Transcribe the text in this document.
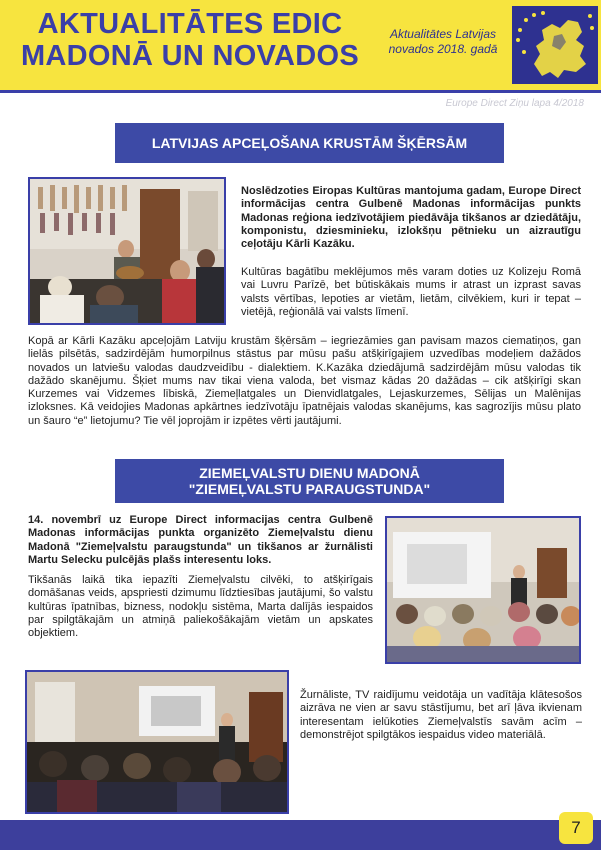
AKTUALITĀTES EDIC
MADONĀ UN NOVADOS
Aktualitātes Latvijas
novados 2018. gadā
Europe Direct Ziņu lapa 4/2018
LATVIJAS APCEĻOŠANA KRUSTĀM ŠĶĒRSĀM
Noslēdzoties Eiropas Kultūras mantojuma gadam, Europe Direct informācijas centra Gulbenē Madonas informācijas punkts Madonas reģiona iedzīvotājiem piedāvāja tikšanos ar dziedātāju, komponistu, dziesminieku, izlokšņu pētnieku un aizrautīgu ceļotāju Kārli Kazāku.
Kultūras bagātību meklējumos mēs varam doties uz Kolizeju Romā vai Luvru Parīzē, bet būtiskākais mums ir atrast un izprast savas valsts vērtības, lepoties ar vietām, lietām, cilvēkiem, kuri ir tepat – vietējā, reģionālā vai valsts līmenī.
Kopā ar Kārli Kazāku apceļojām Latviju krustām šķērsām – iegriezāmies gan pavisam mazos ciematiņos, gan lielās pilsētās, sadzirdējām humorpilnus stāstus par mūsu pašu atšķirīgajiem uzvedības modeļiem dažādos novados un latviešu valodas daudzveidību - dialektiem. K.Kazāka dziedājumā sadzirdējām mūsu valodas tik dažādo skanējumu. Šķiet mums nav tikai viena valoda, bet vismaz kādas 20 dažādas – cik atšķirīgi skan Kurzemes vai Vidzemes lībiskā, Ziemeļlatgales un Dienvidlatgales, Lejaskurzemes, Sēlijas un Malēnijas izloksnes. Kā veidojies Madonas apkārtnes iedzīvotāju īpatnējais valodas skanējums, kas sagrozījis mūsu plato un šauro “e” lietojumu? Tie vēl joprojām ir izpētes vērti jautājumi.
ZIEMEĻVALSTU DIENU MADONĀ
"ZIEMEĻVALSTU PARAUGSTUNDA"
14. novembrī uz Europe Direct informacijas centra Gulbenē Madonas informācijas punkta organizēto Ziemeļvalstu dienu Madonā "Ziemeļvalstu paraugstunda" un tikšanos ar žurnālisti Martu Selecku pulcējās plašs interesentu loks.
Tikšanās laikā tika iepazīti Ziemeļvalstu cilvēki, to atšķirīgais domāšanas veids, apspriesti dzimumu līdztiesības jautājumi, šo valstu kultūras īpatnības, bizness, nodokļu sistēma, Marta dalījās iespaidos par spilgtākajām un atmiņā paliekošākajām vietām un apskates objektiem.
Žurnāliste, TV raidījumu veidotāja un vadītāja klātesošos aizrāva ne vien ar savu stāstījumu, bet arī ļāva ikvienam interesentam ielūkoties Ziemeļvalstīs savām acīm – demonstrējot spilgtākos iespaidus video materiālā.
7
